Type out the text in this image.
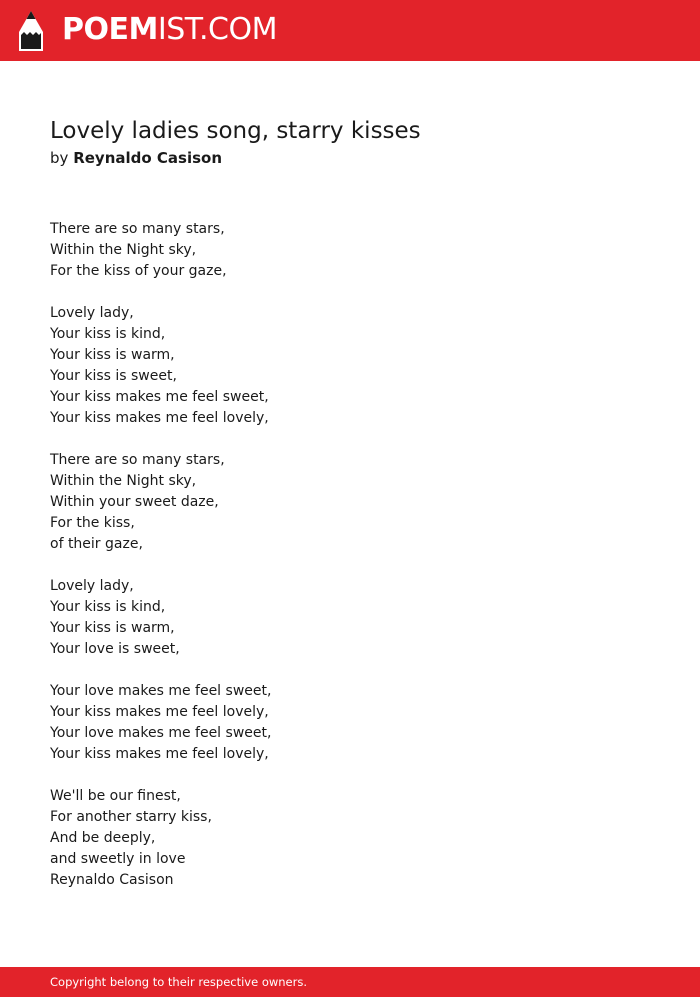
POEMIST.COM
Lovely ladies song, starry kisses
by Reynaldo Casison
There are so many stars,
Within the Night sky,
For the kiss of your gaze,
Lovely lady,
Your kiss is kind,
Your kiss is warm,
Your kiss is sweet,
Your kiss makes me feel sweet,
Your kiss makes me feel lovely,
There are so many stars,
Within the Night sky,
Within your sweet daze,
For the kiss,
of their gaze,
Lovely lady,
Your kiss is kind,
Your kiss is warm,
Your love is sweet,
Your love makes me feel sweet,
Your kiss makes me feel lovely,
Your love makes me feel sweet,
Your kiss makes me feel lovely,
We'll be our finest,
For another starry kiss,
And be deeply,
and sweetly in love
Reynaldo Casison
Copyright belong to their respective owners.
